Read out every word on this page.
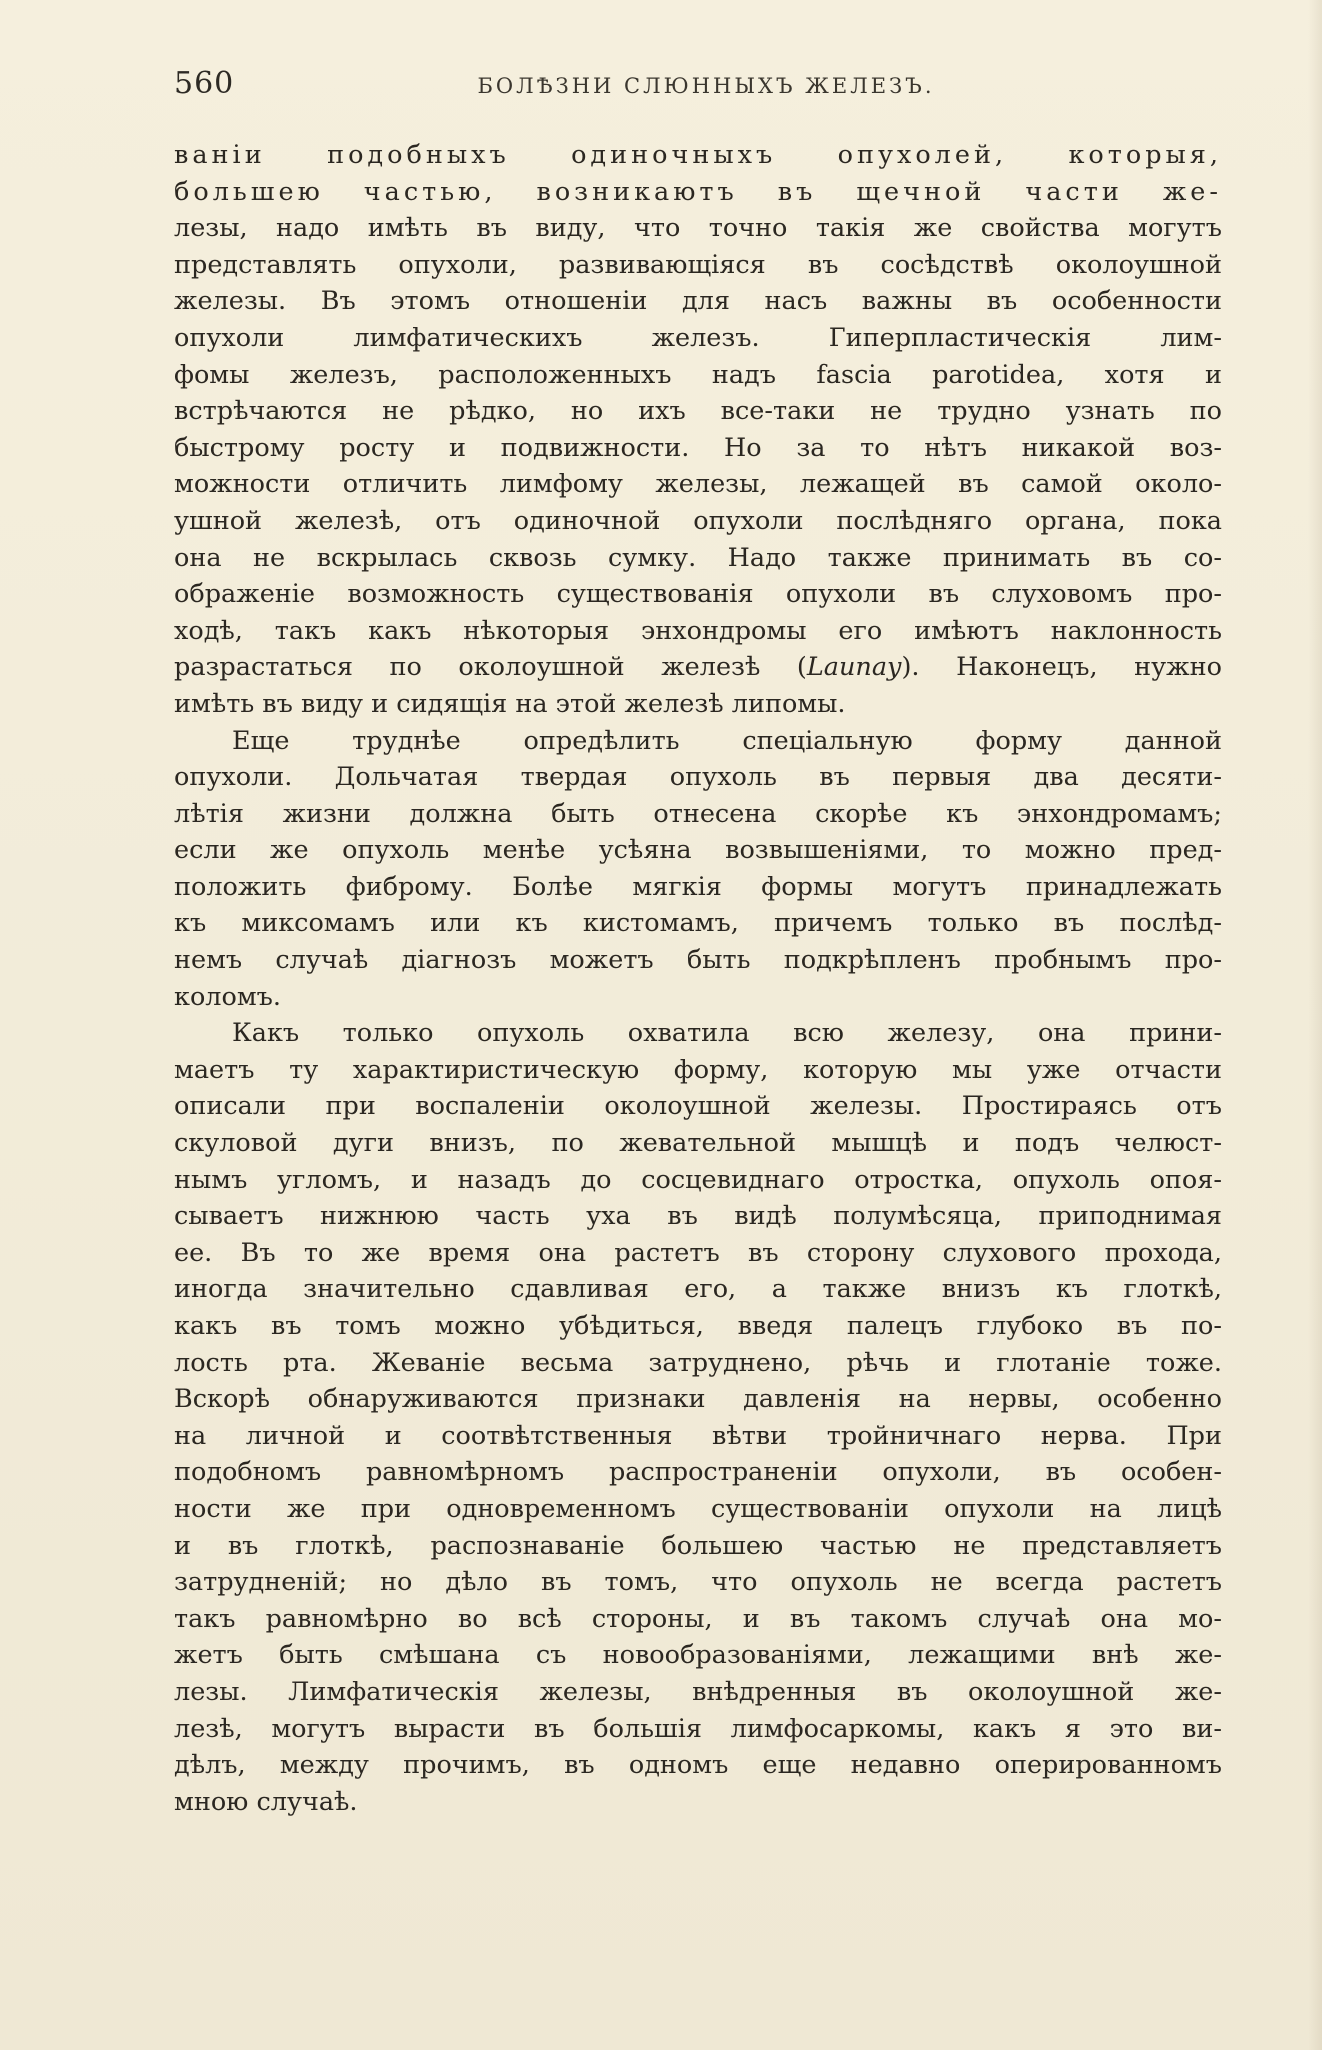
560	БОЛѢЗНИ СЛЮННЫХЪ ЖЕЛЕЗЪ.
ванiи подобныхъ одиночныхъ опухолей, которыя,
большею частью, возникаютъ въ щечной части же-
лезы, надо имѣть въ виду, что точно такiя же свойства могутъ
представлять опухоли, развивающiяся въ сосѣдствѣ околоушной
железы. Въ этомъ отношенiи для насъ важны въ особенности
опухоли лимфатическихъ железъ. Гиперпластическiя лим-
фомы железъ, расположенныхъ надъ fascia parotidea, хотя и
встрѣчаются не рѣдко, но ихъ все-таки не трудно узнать по
быстрому росту и подвижности. Но за то нѣтъ никакой воз-
можности отличить лимфому железы, лежащей въ самой около-
ушной железѣ, отъ одиночной опухоли послѣдняго органа, пока
она не вскрылась сквозь сумку. Надо также принимать въ со-
ображенiе возможность существованiя опухоли въ слуховомъ про-
ходѣ, такъ какъ нѣкоторыя энхондромы его имѣютъ наклонность
разрастаться по околоушной железѣ (Launay). Наконецъ, нужно
имѣть въ виду и сидящiя на этой железѣ липомы.
Еще труднѣе опредѣлить спецiальную форму данной
опухоли. Дольчатая твердая опухоль въ первыя два десяти-
лѣтiя жизни должна быть отнесена скорѣе къ энхондромамъ;
если же опухоль менѣе усѣяна возвышенiями, то можно пред-
положить фиброму. Болѣе мягкiя формы могутъ принадлежать
къ миксомамъ или къ кистомамъ, причемъ только въ послѣд-
немъ случаѣ дiагнозъ можетъ быть подкрѣпленъ пробнымъ про-
коломъ.
Какъ только опухоль охватила всю железу, она прини-
маетъ ту характиристическую форму, которую мы уже отчасти
описали при воспаленiи околоушной железы. Простираясь отъ
скуловой дуги внизъ, по жевательной мышцѣ и подъ челюст-
нымъ угломъ, и назадъ до сосцевиднаго отростка, опухоль опоя-
сываетъ нижнюю часть уха въ видѣ полумѣсяца, приподнимая
ее. Въ то же время она растетъ въ сторону слухового прохода,
иногда значительно сдавливая его, а также внизъ къ глоткѣ,
какъ въ томъ можно убѣдиться, введя палецъ глубоко въ по-
лость рта. Жеванiе весьма затруднено, рѣчь и глотанiе тоже.
Вскорѣ обнаруживаются признаки давленiя на нервы, особенно
на личной и соотвѣтственныя вѣтви тройничнаго нерва. При
подобномъ равномѣрномъ распространенiи опухоли, въ особен-
ности же при одновременномъ существованiи опухоли на лицѣ
и въ глоткѣ, распознаванiе большею частью не представляетъ
затрудненiй; но дѣло въ томъ, что опухоль не всегда растетъ
такъ равномѣрно во всѣ стороны, и въ такомъ случаѣ она мо-
жетъ быть смѣшана съ новообразованiями, лежащими внѣ же-
лезы. Лимфатическiя железы, внѣдренныя въ околоушной же-
лезѣ, могутъ вырасти въ большiя лимфосаркомы, какъ я это ви-
дѣлъ, между прочимъ, въ одномъ еще недавно оперированномъ
мною случаѣ.
